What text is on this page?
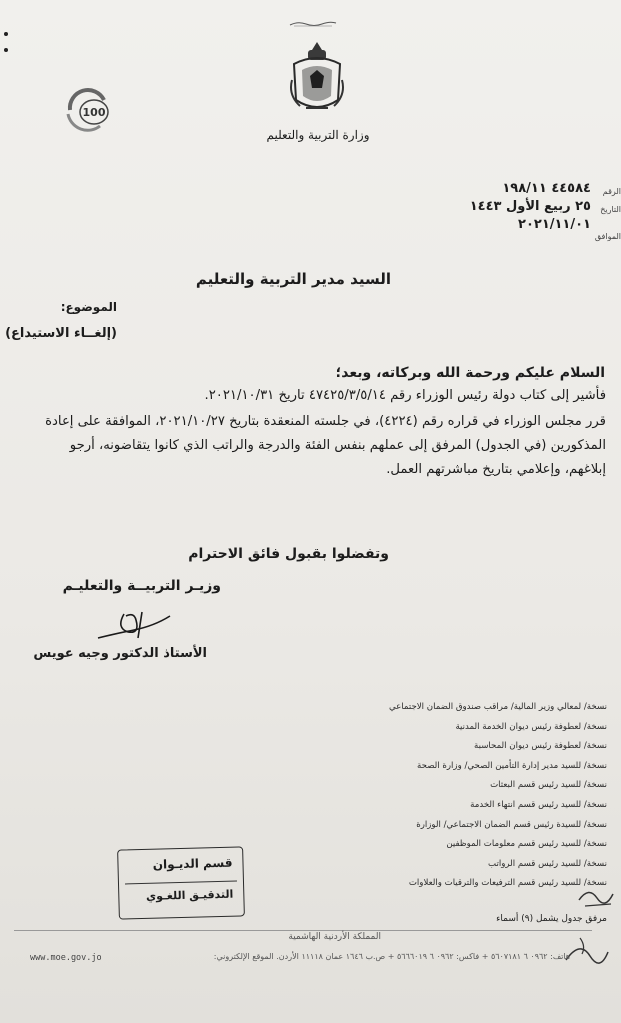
100
وزارة التربية والتعليم
٤٤٥٨٤ ١٩٨/١١ الرقم
٢٥ ربيع الأول ١٤٤٣ التاريخ
٢٠٢١/١١/٠١
الموافق
السيد مدير التربية والتعليم
الموضوع:
(إلغــاء الاستيداع)
السلام عليكم ورحمة الله وبركاته، وبعد؛
فأشير إلى كتاب دولة رئيس الوزراء رقم ٤٧٤٢٥/٣/٥/١٤ تاريخ ٢٠٢١/١٠/٣١.
قرر مجلس الوزراء في قراره رقم (٤٢٢٤)، في جلسته المنعقدة بتاريخ ٢٠٢١/١٠/٢٧، الموافقة على إعادة المذكورين (في الجدول) المرفق إلى عملهم بنفس الفئة والدرجة والراتب الذي كانوا يتقاضونه، أرجو إبلاغهم، وإعلامي بتاريخ مباشرتهم العمل.
وتفضلوا بقبول فائق الاحترام
وزيـر التربيــة والتعليـم
الأستاذ الدكتور وجيه عويس
نسخة/ لمعالي وزير المالية/ مراقب صندوق الضمان الاجتماعي
نسخة/ لعطوفة رئيس ديوان الخدمة المدنية
نسخة/ لعطوفة رئيس ديوان المحاسبة
نسخة/ للسيد مدير إدارة التأمين الصحي/ وزارة الصحة
نسخة/ للسيد رئيس قسم البعثات
نسخة/ للسيد رئيس قسم انتهاء الخدمة
نسخة/ للسيدة رئيس قسم الضمان الاجتماعي/ الوزارة
نسخة/ للسيد رئيس قسم معلومات الموظفين
نسخة/ للسيد رئيس قسم الرواتب
نسخة/ للسيد رئيس قسم الترفيعات والترقيات والعلاوات
مرفق جدول يشمل (٩) أسماء
قسم الديـوان
التدقيـق اللغـوي
المملكة الأردنية الهاشمية
هاتف: ٠٩٦٢ ٦ ٥٦٠٧١٨١ + فاكس: ٠٩٦٢ ٦ ٥٦٦٦٠١٩ + ص.ب ١٦٤٦ عمان ١١١١٨ الأردن. الموقع الإلكتروني:
www.moe.gov.jo
